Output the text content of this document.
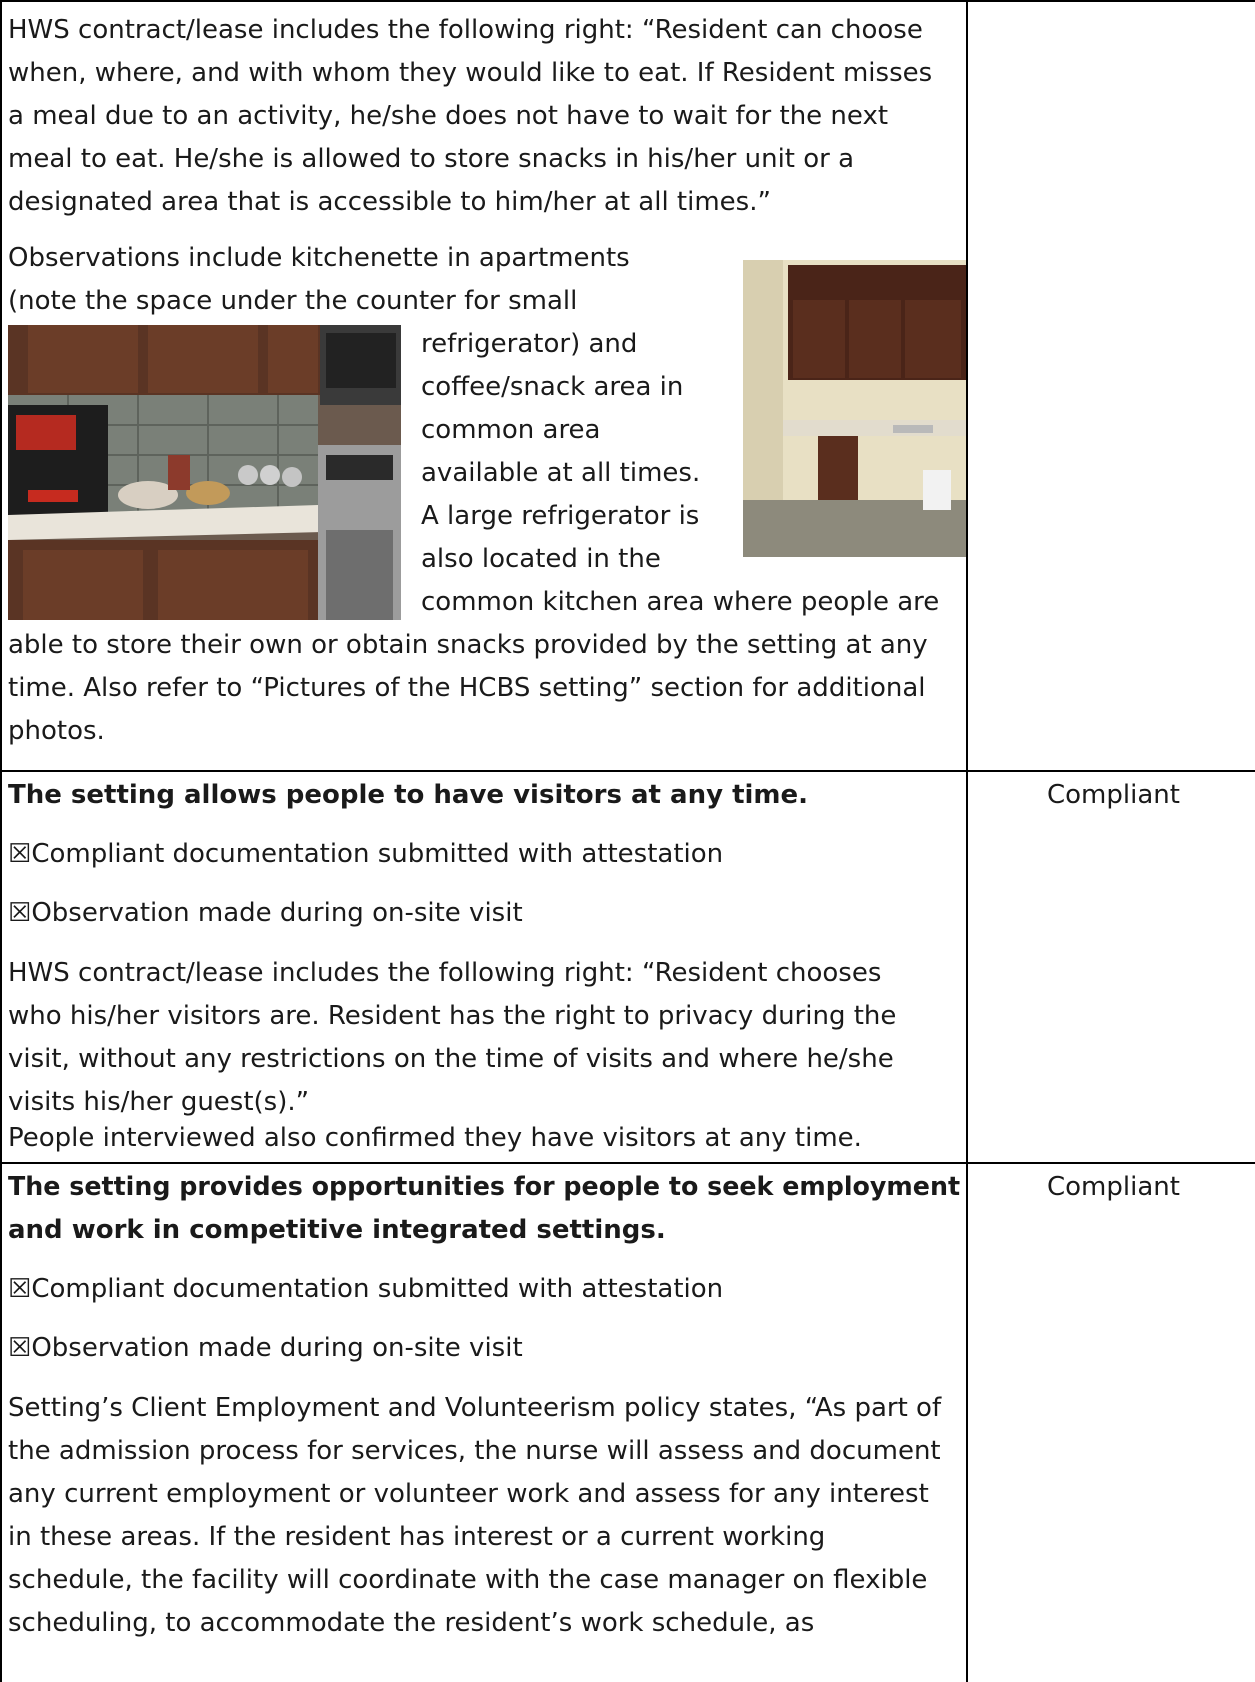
HWS contract/lease includes the following right: “Resident can choose
when, where, and with whom they would like to eat. If Resident misses
a meal due to an activity, he/she does not have to wait for the next
meal to eat. He/she is allowed to store snacks in his/her unit or a
designated area that is accessible to him/her at all times.”
Observations include kitchenette in apartments
(note the space under the counter for small
refrigerator) and
coffee/snack area in
common area
available at all times.
A large refrigerator is
also located in the
common kitchen area where people are
able to store their own or obtain snacks provided by the setting at any
time. Also refer to “Pictures of the HCBS setting” section for additional
photos.
The setting allows people to have visitors at any time.
☒Compliant documentation submitted with attestation
☒Observation made during on-site visit
HWS contract/lease includes the following right: “Resident chooses
who his/her visitors are. Resident has the right to privacy during the
visit, without any restrictions on the time of visits and where he/she
visits his/her guest(s).”
People interviewed also confirmed they have visitors at any time.
Compliant
The setting provides opportunities for people to seek employment
and work in competitive integrated settings.
☒Compliant documentation submitted with attestation
☒Observation made during on-site visit
Setting’s Client Employment and Volunteerism policy states, “As part of
the admission process for services, the nurse will assess and document
any current employment or volunteer work and assess for any interest
in these areas. If the resident has interest or a current working
schedule, the facility will coordinate with the case manager on flexible
scheduling, to accommodate the resident’s work schedule, as
Compliant
